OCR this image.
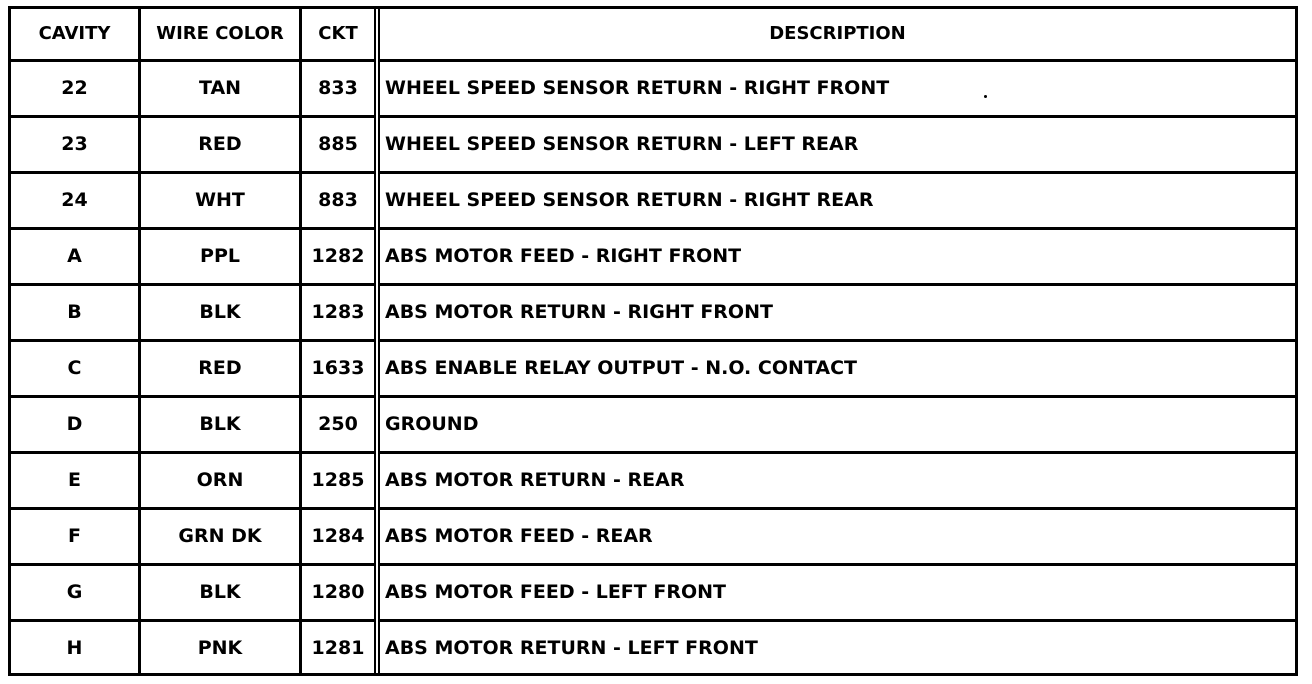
CAVITY	WIRE COLOR	CKT	DESCRIPTION
22	TAN	833	WHEEL SPEED SENSOR RETURN - RIGHT FRONT
23	RED	885	WHEEL SPEED SENSOR RETURN - LEFT REAR
24	WHT	883	WHEEL SPEED SENSOR RETURN - RIGHT REAR
A	PPL	1282	ABS MOTOR FEED - RIGHT FRONT
B	BLK	1283	ABS MOTOR RETURN - RIGHT FRONT
C	RED	1633	ABS ENABLE RELAY OUTPUT - N.O. CONTACT
D	BLK	250	GROUND
E	ORN	1285	ABS MOTOR RETURN - REAR
F	GRN DK	1284	ABS MOTOR FEED - REAR
G	BLK	1280	ABS MOTOR FEED - LEFT FRONT
H	PNK	1281	ABS MOTOR RETURN - LEFT FRONT
